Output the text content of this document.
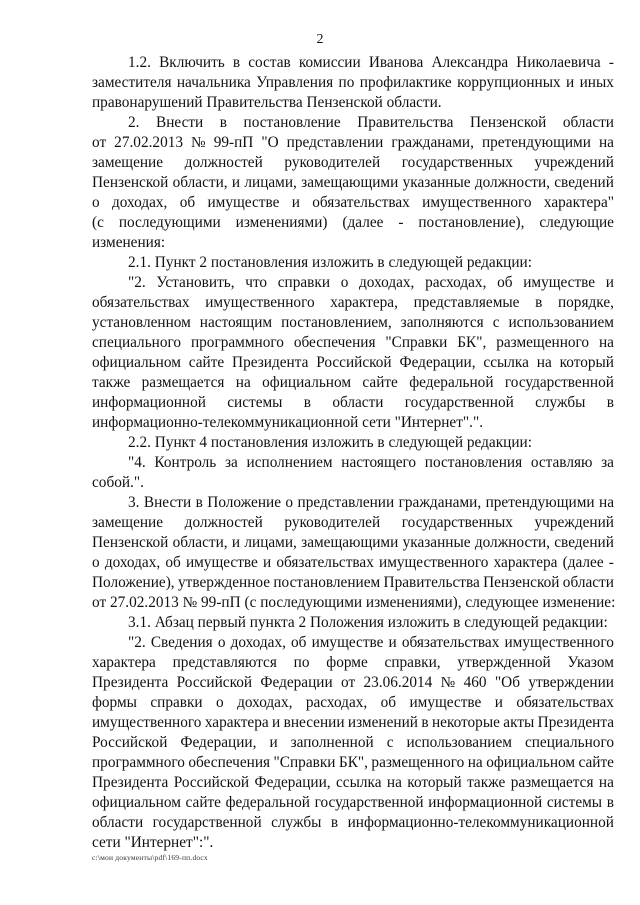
2
1.2. Включить в состав комиссии Иванова Александра Николаевича -
заместителя начальника Управления по профилактике коррупционных и иных
правонарушений Правительства Пензенской области.
2. Внести в постановление Правительства Пензенской области
от 27.02.2013 № 99-пП "О представлении гражданами, претендующими на
замещение должностей руководителей государственных учреждений
Пензенской области, и лицами, замещающими указанные должности, сведений
о доходах, об имуществе и обязательствах имущественного характера"
(с последующими изменениями) (далее - постановление), следующие
изменения:
2.1. Пункт 2 постановления изложить в следующей редакции:
"2. Установить, что справки о доходах, расходах, об имуществе и
обязательствах имущественного характера, представляемые в порядке,
установленном настоящим постановлением, заполняются с использованием
специального программного обеспечения "Справки БК", размещенного на
официальном сайте Президента Российской Федерации, ссылка на который
также размещается на официальном сайте федеральной государственной
информационной системы в области государственной службы в
информационно-телекоммуникационной сети "Интернет".".
2.2. Пункт 4 постановления изложить в следующей редакции:
"4. Контроль за исполнением настоящего постановления оставляю за
собой.".
3. Внести в Положение о представлении гражданами, претендующими на
замещение должностей руководителей государственных учреждений
Пензенской области, и лицами, замещающими указанные должности, сведений
о доходах, об имуществе и обязательствах имущественного характера (далее -
Положение), утвержденное постановлением Правительства Пензенской области
от 27.02.2013 № 99-пП (с последующими изменениями), следующее изменение:
3.1. Абзац первый пункта 2 Положения изложить в следующей редакции:
"2. Сведения о доходах, об имуществе и обязательствах имущественного
характера представляются по форме справки, утвержденной Указом
Президента Российской Федерации от 23.06.2014 № 460 "Об утверждении
формы справки о доходах, расходах, об имуществе и обязательствах
имущественного характера и внесении изменений в некоторые акты Президента
Российской Федерации, и заполненной с использованием специального
программного обеспечения "Справки БК", размещенного на официальном сайте
Президента Российской Федерации, ссылка на который также размещается на
официальном сайте федеральной государственной информационной системы в
области государственной службы в информационно-телекоммуникационной
сети "Интернет":".
c:\мои документы\pdf\169-пп.docx
